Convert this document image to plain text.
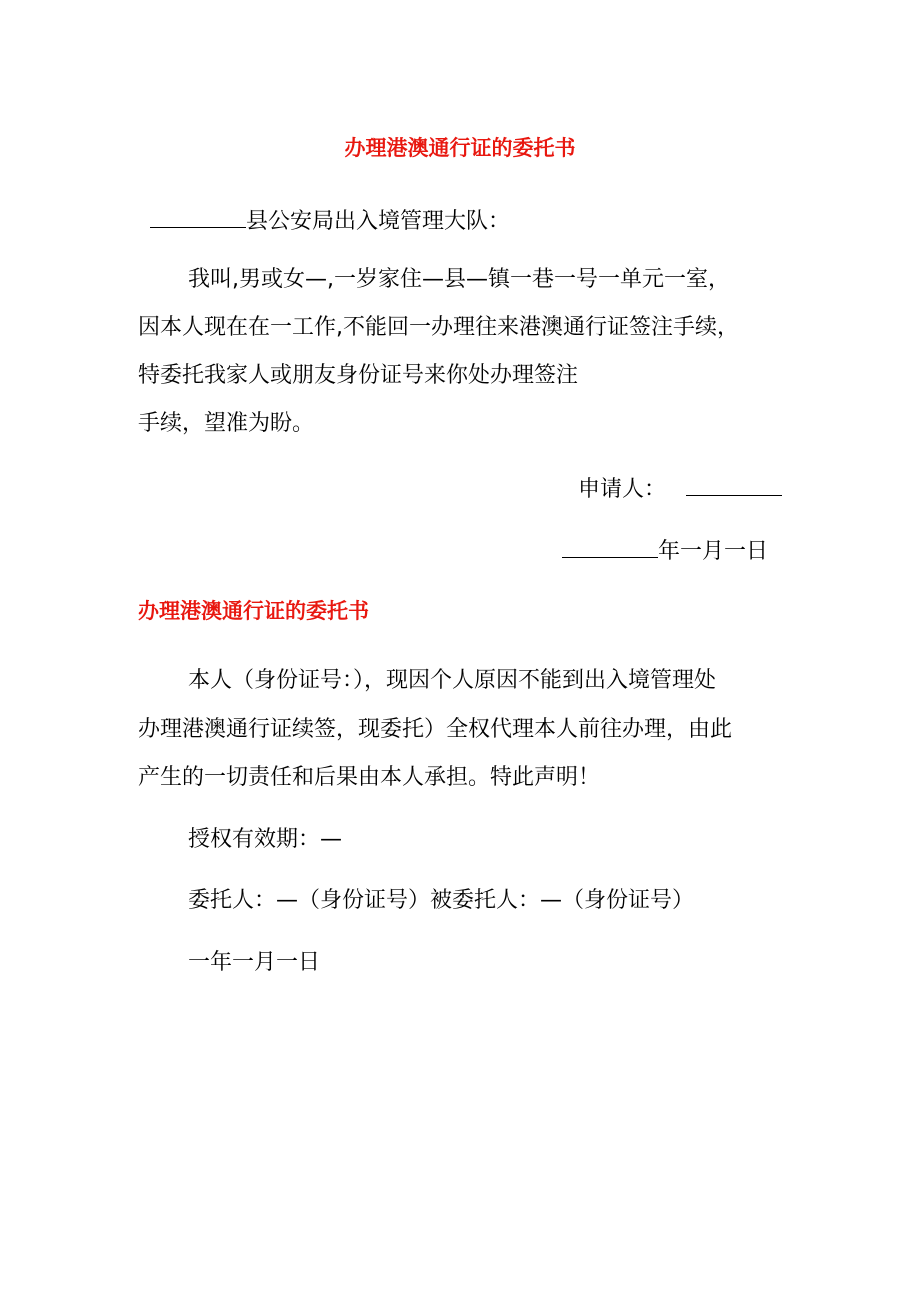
办理港澳通行证的委托书
县公安局出入境管理大队：
我叫,男或女—,一岁家住—县—镇一巷一号一单元一室，
因本人现在在一工作,不能回一办理往来港澳通行证签注手续，
特委托我家人或朋友身份证号来你处办理签注
手续，望准为盼。
申请人：
年一月一日
办理港澳通行证的委托书
本人（身份证号：），现因个人原因不能到出入境管理处
办理港澳通行证续签，现委托）全权代理本人前往办理，由此
产生的一切责任和后果由本人承担。特此声明！
授权有效期：—
委托人：—（身份证号）被委托人：—（身份证号）
一年一月一日
